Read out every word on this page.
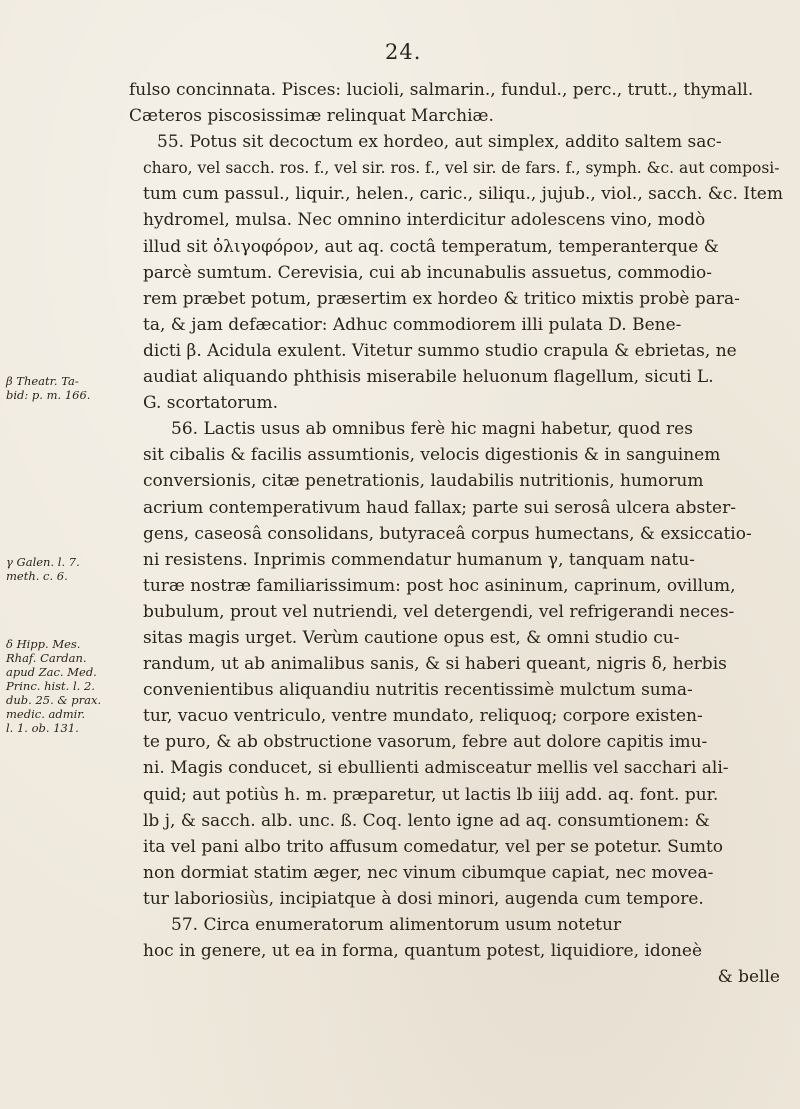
24.
β Theatr. Ta-
bid: p. m. 166.
γ Galen. l. 7.
meth. c. 6.
δ Hipp. Mes.
Rhaf. Cardan.
apud Zac. Med.
Princ. hist. l. 2.
dub. 25. & prax.
medic. admir.
l. 1. ob. 131.
fulso concinnata. Pisces: lucioli, salmarin., fundul., perc., trutt., thymall.
Cæteros piscosissimæ relinquat Marchiæ.
55. Potus sit decoctum ex hordeo, aut simplex, addito saltem sac-
charo, vel sacch. ros. f., vel sir. ros. f., vel sir. de fars. f., symph. &c. aut composi-
tum cum passul., liquir., helen., caric., siliqu., jujub., viol., sacch. &c. Item
hydromel, mulsa. Nec omnino interdicitur adolescens vino, modò
illud sit ὀλιγοφόρον, aut aq. coctâ temperatum, temperanterque &
parcè sumtum. Cerevisia, cui ab incunabulis assuetus, commodio-
rem præbet potum, præsertim ex hordeo & tritico mixtis probè para-
ta, & jam defæcatior: Adhuc commodiorem illi pulata D. Bene-
dicti β. Acidula exulent. Vitetur summo studio crapula & ebrietas, ne
audiat aliquando phthisis miserabile heluonum flagellum, sicuti L.
G. scortatorum.
56. Lactis usus ab omnibus ferè hic magni habetur, quod res
sit cibalis & facilis assumtionis, velocis digestionis & in sanguinem
conversionis, citæ penetrationis, laudabilis nutritionis, humorum
acrium contemperativum haud fallax; parte sui serosâ ulcera abster-
gens, caseosâ consolidans, butyraceâ corpus humectans, & exsiccatio-
ni resistens. Inprimis commendatur humanum γ, tanquam natu-
turæ nostræ familiarissimum: post hoc asininum, caprinum, ovillum,
bubulum, prout vel nutriendi, vel detergendi, vel refrigerandi neces-
sitas magis urget. Verùm cautione opus est, & omni studio cu-
randum, ut ab animalibus sanis, & si haberi queant, nigris δ, herbis
convenientibus aliquandiu nutritis recentissimè mulctum suma-
tur, vacuo ventriculo, ventre mundato, reliquoq; corpore existen-
te puro, & ab obstructione vasorum, febre aut dolore capitis imu-
ni. Magis conducet, si ebullienti admisceatur mellis vel sacchari ali-
quid; aut potiùs h. m. præparetur, ut lactis lb iiij add. aq. font. pur.
lb j, & sacch. alb. unc. ß. Coq. lento igne ad aq. consumtionem: &
ita vel pani albo trito affusum comedatur, vel per se potetur. Sumto
non dormiat statim æger, nec vinum cibumque capiat, nec movea-
tur laboriosiùs, incipiatque à dosi minori, augenda cum tempore.
57. Circa enumeratorum alimentorum usum notetur
hoc in genere, ut ea in forma, quantum potest, liquidiore, idoneè
& belle
